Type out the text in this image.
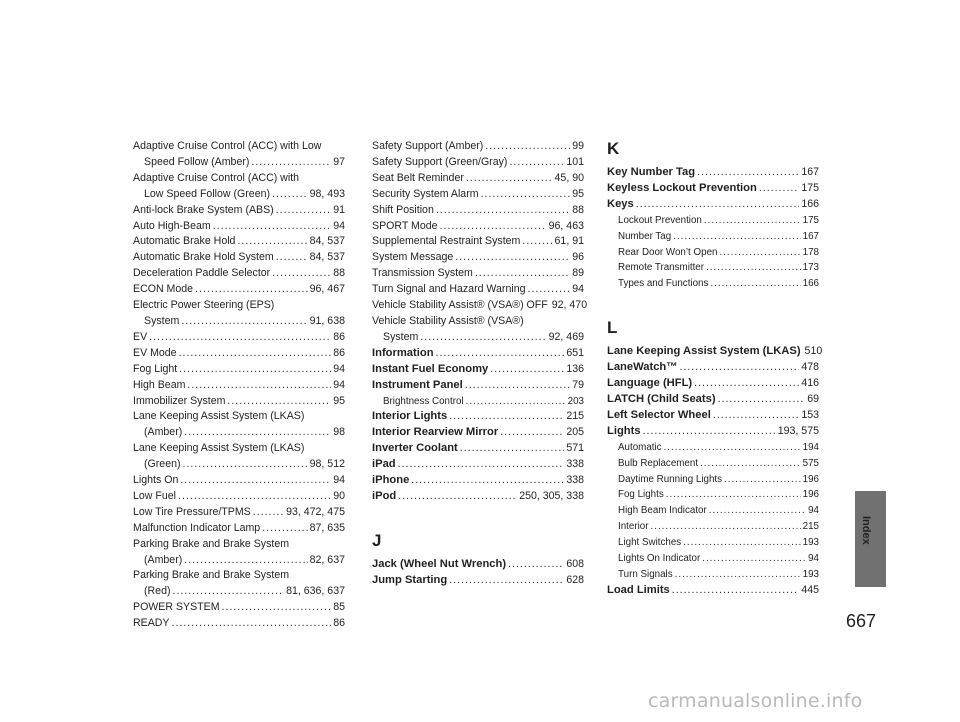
Adaptive Cruise Control (ACC) with Low
Speed Follow (Amber) .....	97
Adaptive Cruise Control (ACC) with
Low Speed Follow (Green) .....	98, 493
Anti-lock Brake System (ABS) .....	91
Auto High-Beam .....	94
Automatic Brake Hold .....	84, 537
Automatic Brake Hold System .....	84, 537
Deceleration Paddle Selector .....	88
ECON Mode .....	96, 467
Electric Power Steering (EPS)
System .....	91, 638
EV .....	86
EV Mode .....	86
Fog Light .....	94
High Beam .....	94
Immobilizer System .....	95
Lane Keeping Assist System (LKAS)
(Amber) .....	98
Lane Keeping Assist System (LKAS)
(Green) .....	98, 512
Lights On .....	94
Low Fuel .....	90
Low Tire Pressure/TPMS .....	93, 472, 475
Malfunction Indicator Lamp .....	87, 635
Parking Brake and Brake System
(Amber) .....	82, 637
Parking Brake and Brake System
(Red) .....	81, 636, 637
POWER SYSTEM .....	85
READY .....	86
Safety Support (Amber) .....	99
Safety Support (Green/Gray) .....	101
Seat Belt Reminder .....	45, 90
Security System Alarm .....	95
Shift Position .....	88
SPORT Mode .....	96, 463
Supplemental Restraint System .....	61, 91
System Message .....	96
Transmission System .....	89
Turn Signal and Hazard Warning .....	94
Vehicle Stability Assist® (VSA®) OFF 92, 470
Vehicle Stability Assist® (VSA®)
System .....	92, 469
Information .....	651
Instant Fuel Economy .....	136
Instrument Panel .....	79
Brightness Control .....	203
Interior Lights .....	215
Interior Rearview Mirror .....	205
Inverter Coolant .....	571
iPad .....	338
iPhone .....	338
iPod .....	250, 305, 338
J
Jack (Wheel Nut Wrench) .....	608
Jump Starting .....	628
K
Key Number Tag .....	167
Keyless Lockout Prevention .....	175
Keys .....	166
Lockout Prevention .....	175
Number Tag .....	167
Rear Door Won’t Open .....	178
Remote Transmitter .....	173
Types and Functions .....	166
L
Lane Keeping Assist System (LKAS) 510
LaneWatch™ .....	478
Language (HFL) .....	416
LATCH (Child Seats) .....	69
Left Selector Wheel .....	153
Lights .....	193, 575
Automatic .....	194
Bulb Replacement .....	575
Daytime Running Lights .....	196
Fog Lights .....	196
High Beam Indicator .....	94
Interior .....	215
Light Switches .....	193
Lights On Indicator .....	94
Turn Signals .....	193
Load Limits .....	445
Index
667
carmanualsonline.info
